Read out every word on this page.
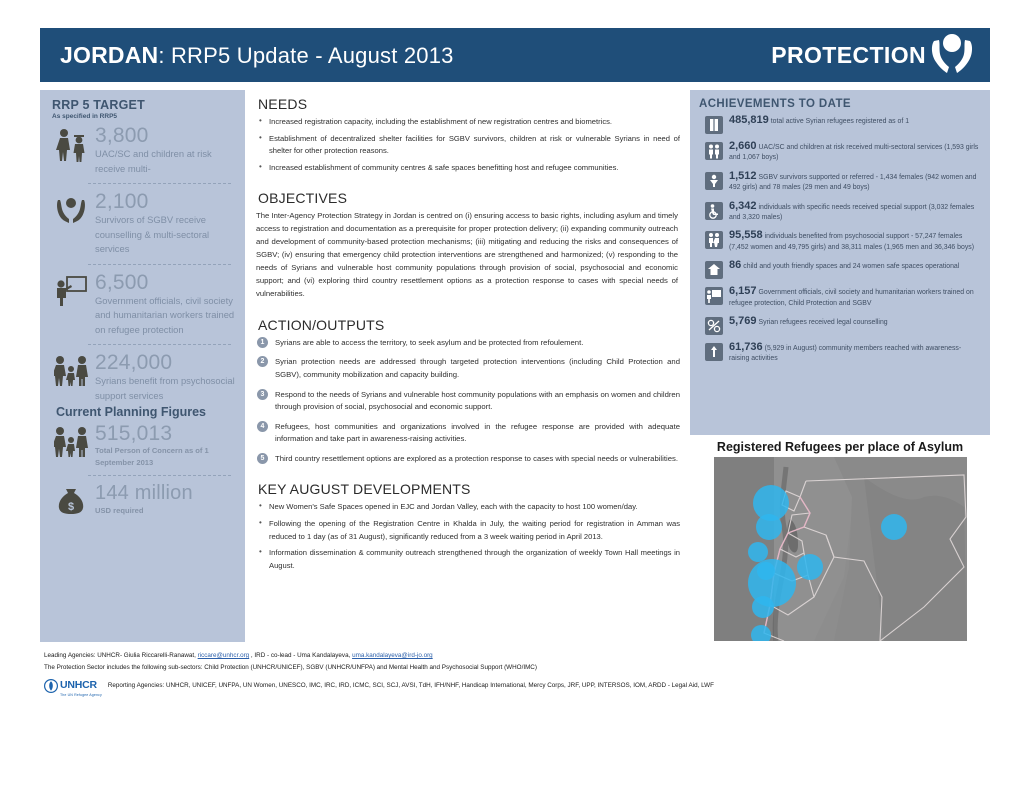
JORDAN: RRP5 Update - August 2013	PROTECTION
RRP 5 TARGET
As specified in RRP5
3,800
UAC/SC and children at risk receive multi-
2,100
Survivors of SGBV receive counselling & multi-sectoral services
6,500
Government officials, civil society and humanitarian workers trained on refugee protection
224,000
Syrians benefit from psychosocial support services
Current Planning Figures
515,013
Total Person of Concern as of 1 September 2013
$
144 million
USD required
NEEDS
• Increased registration capacity, including the establishment of new registration centres and biometrics.
• Establishment of decentralized shelter facilities for SGBV survivors, children at risk or vulnerable Syrians in need of shelter for other protection reasons.
• Increased establishment of community centres & safe spaces benefitting host and refugee communities.
OBJECTIVES
The Inter-Agency Protection Strategy in Jordan is centred on (i) ensuring access to basic rights, including asylum and timely access to registration and documentation as a prerequisite for proper protection delivery; (ii) expanding community outreach and development of community-based protection mechanisms; (iii) mitigating and reducing the risks and consequences of SGBV; (iv) ensuring that emergency child protection interventions are strengthened and harmonized; (v) responding to the needs of Syrians and vulnerable host community populations through provision of social, psychosocial and economic support; and (vi) exploring third country resettlement options as a protection response to cases with special needs of vulnerabilities.
ACTION/OUTPUTS
1	Syrians are able to access the territory, to seek asylum and be protected from refoulement.
2	Syrian protection needs are addressed through targeted protection interventions (including Child Protection and SGBV), community mobilization and capacity building.
3	Respond to the needs of Syrians and vulnerable host community populations with an emphasis on women and children through provision of social, psychosocial and economic support.
4	Refugees, host communities and organizations involved in the refugee response are provided with adequate information and take part in awareness-raising activities.
5	Third country resettlement options are explored as a protection response to cases with special needs or vulnerabilities.
KEY AUGUST DEVELOPMENTS
• New Women's Safe Spaces opened in EJC and Jordan Valley, each with the capacity to host 100 women/day.
• Following the opening of the Registration Centre in Khalda in July, the waiting period for registration in Amman was reduced to 1 day (as of 31 August), significantly reduced from a 3 week waiting period in April 2013.
• Information dissemination & community outreach strengthened through the organization of weekly Town Hall meetings in August.
ACHIEVEMENTS TO DATE
485,819 total active Syrian refugees registered as of 1
2,660 UAC/SC and children at risk received multi-sectoral services (1,593 girls and 1,067 boys)
1,512 SGBV survivors supported or referred - 1,434 females (942 women and 492 girls) and 78 males (29 men and 49 boys)
6,342 individuals with specific needs received special support (3,032 females and 3,320 males)
95,558 individuals benefited from psychosocial support - 57,247 females (7,452 women and 49,795 girls) and 38,311 males (1,965 men and 36,346 boys)
86 child and youth friendly spaces and 24 women safe spaces operational
6,157 Government officials, civil society and humanitarian workers trained on refugee protection, Child Protection and SGBV
5,769 Syrian refugees received legal counselling
61,736 (5,929 in August) community members reached with awareness-raising activities
Registered Refugees per place of Asylum
Leading Agencies: UNHCR- Giulia Riccarelli-Ranawat, riccare@unhcr.org , IRD - co-lead - Uma Kandalayeva, uma.kandalayeva@ird-jo.org
The Protection Sector includes the following sub-sectors: Child Protection (UNHCR/UNICEF), SGBV (UNHCR/UNFPA) and Mental Health and Psychosocial Support (WHO/IMC)
UNHCR
The UN Refugee Agency
Reporting Agencies: UNHCR, UNICEF, UNFPA, UN Women, UNESCO, IMC, IRC, IRD, ICMC, SCI, SCJ, AVSI, TdH, IFH/NHF, Handicap International, Mercy Corps, JRF, UPP, INTERSOS, IOM, ARDD - Legal Aid, LWF
